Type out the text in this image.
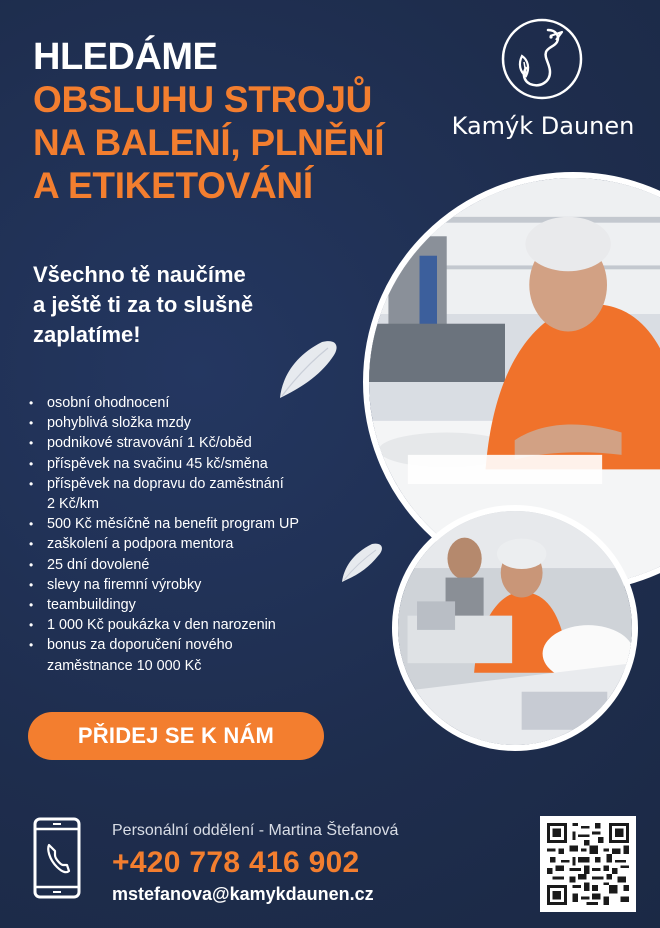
HLEDÁME
OBSLUHU STROJŮ
NA BALENÍ, PLNĚNÍ
A ETIKETOVÁNÍ
Kamýk Daunen
Všechno tě naučíme
a ještě ti za to slušně
zaplatíme!
• osobní ohodnocení
• pohyblivá složka mzdy
• podnikové stravování 1 Kč/oběd
• příspěvek na svačinu 45 kč/směna
• příspěvek na dopravu do zaměstnání
2 Kč/km
• 500 Kč měsíčně na benefit program UP
• zaškolení a podpora mentora
• 25 dní dovolené
• slevy na firemní výrobky
• teambuildingy
• 1 000 Kč poukázka v den narozenin
• bonus za doporučení nového
zaměstnance 10 000 Kč
PŘIDEJ SE K NÁM
Personální oddělení - Martina Štefanová
+420 778 416 902
mstefanova@kamykdaunen.cz
